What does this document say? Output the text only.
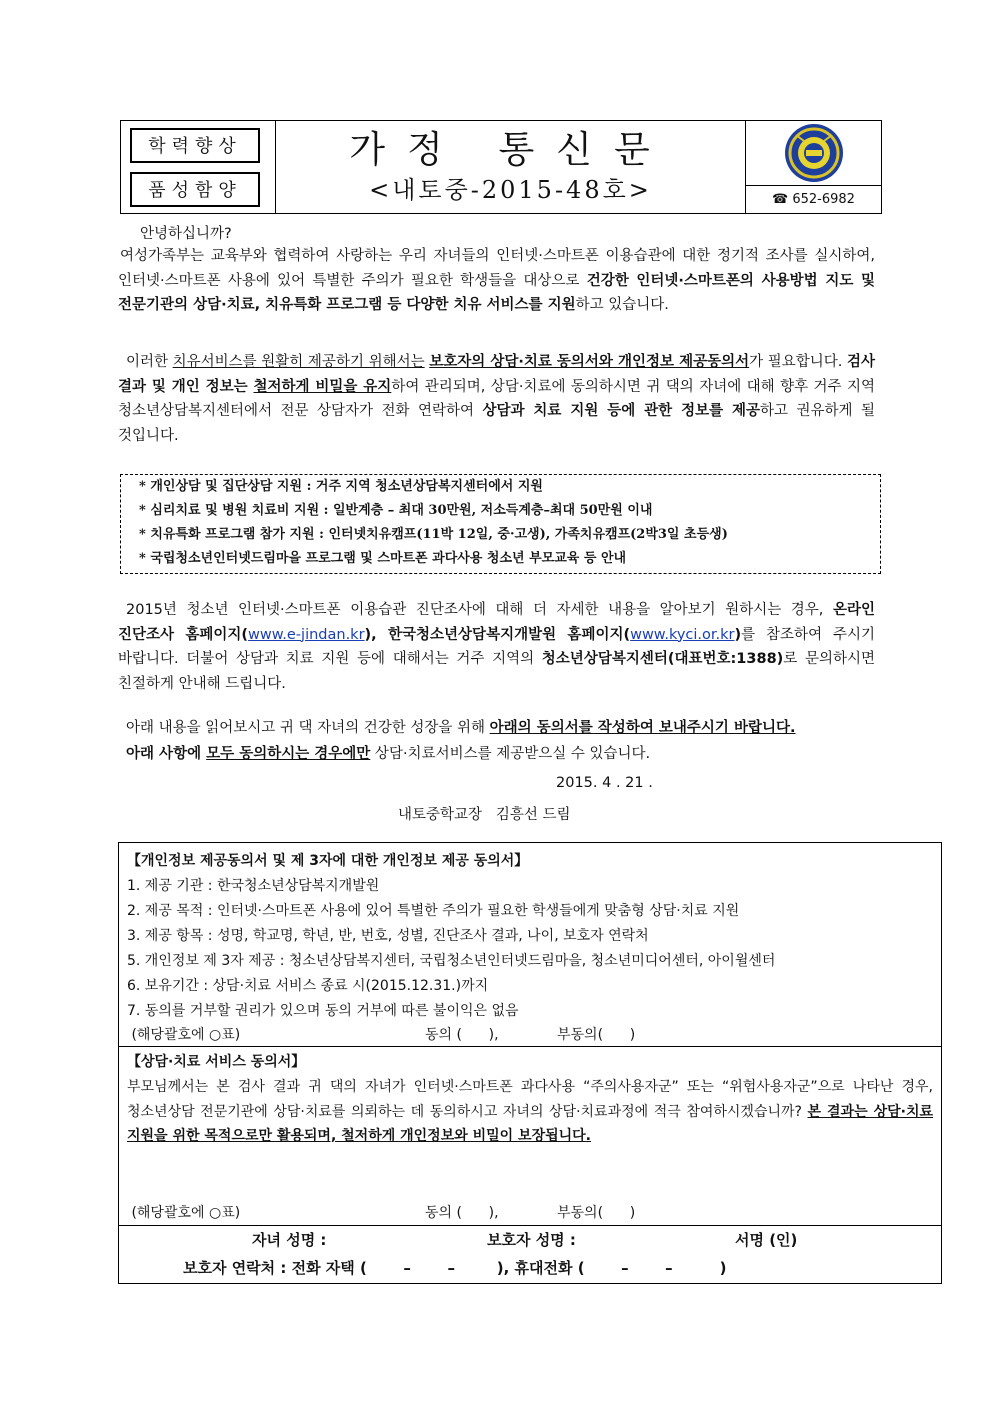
학력향상
품성함양
가정 통신문
<내토중-2015-48호>	☎ 652-6982
안녕하십니까?
여성가족부는 교육부와 협력하여 사랑하는 우리 자녀들의 인터넷·스마트폰 이용습관에 대한 정기적 조사를 실시하여, 인터넷·스마트폰 사용에 있어 특별한 주의가 필요한 학생들을 대상으로 건강한 인터넷·스마트폰의 사용방법 지도 및 전문기관의 상담·치료, 치유특화 프로그램 등 다양한 치유 서비스를 지원하고 있습니다.
이러한 치유서비스를 원활히 제공하기 위해서는 보호자의 상담·치료 동의서와 개인정보 제공동의서가 필요합니다. 검사 결과 및 개인 정보는 철저하게 비밀을 유지하여 관리되며, 상담·치료에 동의하시면 귀 댁의 자녀에 대해 향후 거주 지역 청소년상담복지센터에서 전문 상담자가 전화 연락하여 상담과 치료 지원 등에 관한 정보를 제공하고 권유하게 될 것입니다.
* 개인상담 및 집단상담 지원 : 거주 지역 청소년상담복지센터에서 지원
* 심리치료 및 병원 치료비 지원 : 일반계층 – 최대 30만원, 저소득계층–최대 50만원 이내
* 치유특화 프로그램 참가 지원 : 인터넷치유캠프(11박 12일, 중·고생), 가족치유캠프(2박3일 초등생)
* 국립청소년인터넷드림마을 프로그램 및 스마트폰 과다사용 청소년 부모교육 등 안내
2015년 청소년 인터넷·스마트폰 이용습관 진단조사에 대해 더 자세한 내용을 알아보기 원하시는 경우, 온라인 진단조사 홈페이지(www.e-jindan.kr), 한국청소년상담복지개발원 홈페이지(www.kyci.or.kr)를 참조하여 주시기 바랍니다. 더불어 상담과 치료 지원 등에 대해서는 거주 지역의 청소년상담복지센터(대표번호:1388)로 문의하시면 친절하게 안내해 드립니다.
아래 내용을 읽어보시고 귀 댁 자녀의 건강한 성장을 위해 아래의 동의서를 작성하여 보내주시기 바랍니다.
아래 사항에 모두 동의하시는 경우에만 상담·치료서비스를 제공받으실 수 있습니다.
2015. 4 . 21 .
내토중학교장   김흥선 드림
【개인정보 제공동의서 및 제 3자에 대한 개인정보 제공 동의서】
1. 제공 기관 : 한국청소년상담복지개발원
2. 제공 목적 : 인터넷·스마트폰 사용에 있어 특별한 주의가 필요한 학생들에게 맞춤형 상담·치료 지원
3. 제공 항목 : 성명, 학교명, 학년, 반, 번호, 성별, 진단조사 결과, 나이, 보호자 연락처
5. 개인정보 제 3자 제공 : 청소년상담복지센터, 국립청소년인터넷드림마을, 청소년미디어센터, 아이윌센터
6. 보유기간 : 상담·치료 서비스 종료 시(2015.12.31.)까지
7. 동의를 거부할 권리가 있으며 동의 거부에 따른 불이익은 없음
(해당괄호에 ○표)	동의 (      ),	부동의(      )
【상담·치료 서비스 동의서】
부모님께서는 본 검사 결과 귀 댁의 자녀가 인터넷·스마트폰 과다사용 “주의사용자군” 또는 “위험사용자군”으로 나타난 경우, 청소년상담 전문기관에 상담·치료를 의뢰하는 데 동의하시고 자녀의 상담·치료과정에 적극 참여하시겠습니까? 본 결과는 상담·치료 지원을 위한 목적으로만 활용되며, 철저하게 개인정보와 비밀이 보장됩니다.
(해당괄호에 ○표)	동의 (      ),	부동의(      )
자녀 성명 :	보호자 성명 :	서명 (인)
보호자 연락처 : 전화 자택 (       –       –        ), 휴대전화 (       –       –         )
